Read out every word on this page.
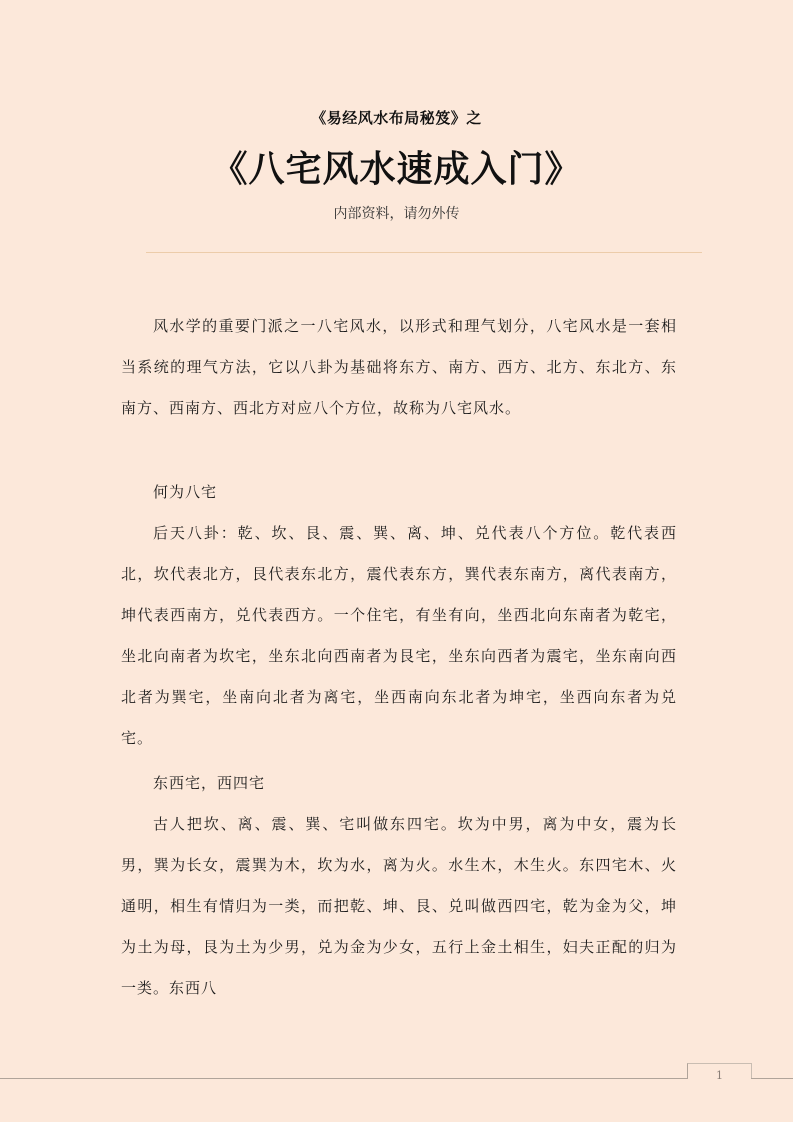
《易经风水布局秘笈》之
《八宅风水速成入门》
内部资料，请勿外传

风水学的重要门派之一八宅风水，以形式和理气划分，八宅风水是一套相当系统的理气方法，它以八卦为基础将东方、南方、西方、北方、东北方、东南方、西南方、西北方对应八个方位，故称为八宅风水。

何为八宅

后天八卦：乾、坎、艮、震、巽、离、坤、兑代表八个方位。乾代表西北，坎代表北方，艮代表东北方，震代表东方，巽代表东南方，离代表南方，坤代表西南方，兑代表西方。一个住宅，有坐有向，坐西北向东南者为乾宅，坐北向南者为坎宅，坐东北向西南者为艮宅，坐东向西者为震宅，坐东南向西北者为巽宅，坐南向北者为离宅，坐西南向东北者为坤宅，坐西向东者为兑宅。

东西宅，西四宅

古人把坎、离、震、巽、宅叫做东四宅。坎为中男，离为中女，震为长男，巽为长女，震巽为木，坎为水，离为火。水生木，木生火。东四宅木、火通明，相生有情归为一类，而把乾、坤、艮、兑叫做西四宅，乾为金为父，坤为土为母，艮为土为少男，兑为金为少女，五行上金土相生，妇夫正配的归为一类。东西八

1
